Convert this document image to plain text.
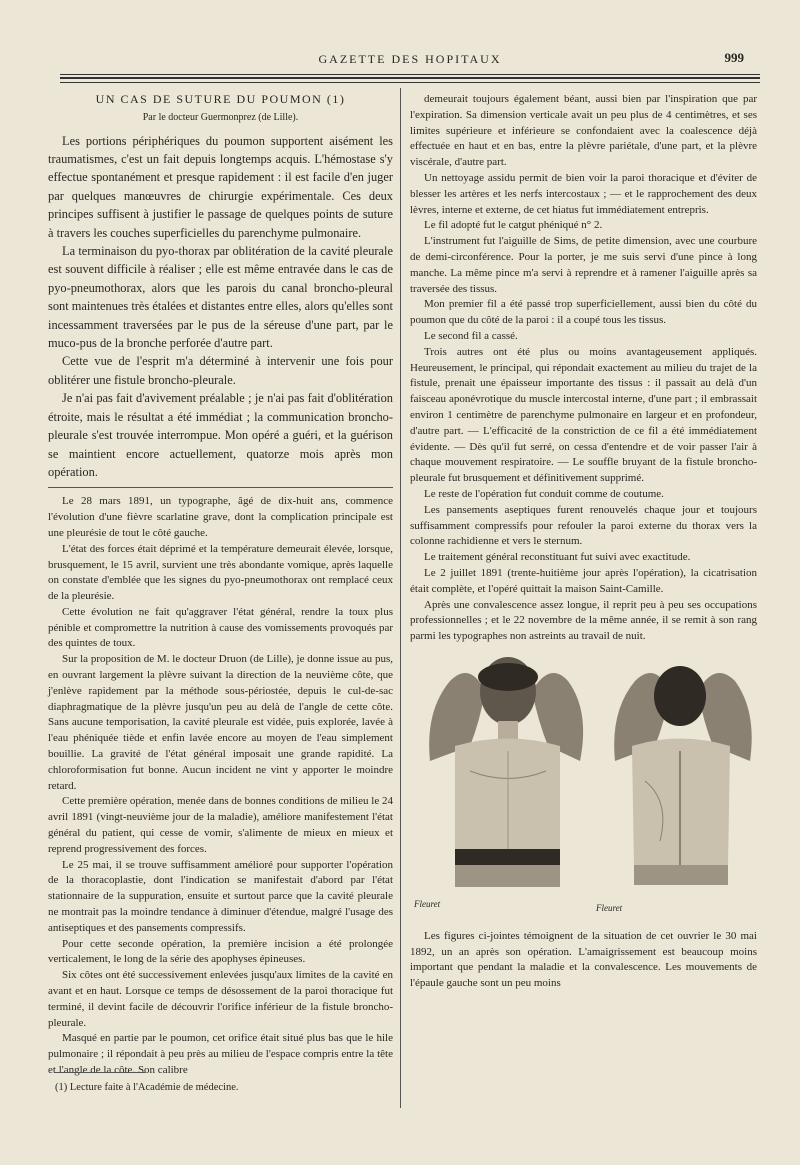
GAZETTE DES HOPITAUX	999
UN CAS DE SUTURE DU POUMON (1)
Par le docteur Guermonprez (de Lille).

Les portions périphériques du poumon supportent aisément les traumatismes, c'est un fait depuis longtemps acquis. L'hémostase s'y effectue spontanément et presque rapidement : il est facile d'en juger par quelques manœuvres de chirurgie expérimentale. Ces deux principes suffisent à justifier le passage de quelques points de suture à travers les couches superficielles du parenchyme pulmonaire.

La terminaison du pyo-thorax par oblitération de la cavité pleurale est souvent difficile à réaliser ; elle est même entravée dans le cas de pyo-pneumothorax, alors que les parois du canal broncho-pleural sont maintenues très étalées et distantes entre elles, alors qu'elles sont incessamment traversées par le pus de la séreuse d'une part, par le muco-pus de la bronche perforée d'autre part.

Cette vue de l'esprit m'a déterminé à intervenir une fois pour oblitérer une fistule broncho-pleurale.

Je n'ai pas fait d'avivement préalable ; je n'ai pas fait d'oblitération étroite, mais le résultat a été immédiat ; la communication broncho-pleurale s'est trouvée interrompue. Mon opéré a guéri, et la guérison se maintient encore actuellement, quatorze mois après mon opération.

Le 28 mars 1891, un typographe, âgé de dix-huit ans, commence l'évolution d'une fièvre scarlatine grave, dont la complication principale est une pleurésie de tout le côté gauche.

L'état des forces était déprimé et la température demeurait élevée, lorsque, brusquement, le 15 avril, survient une très abondante vomique, après laquelle on constate d'emblée que les signes du pyo-pneumothorax ont remplacé ceux de la pleurésie.

Cette évolution ne fait qu'aggraver l'état général, rendre la toux plus pénible et compromettre la nutrition à cause des vomissements provoqués par des quintes de toux.

Sur la proposition de M. le docteur Druon (de Lille), je donne issue au pus, en ouvrant largement la plèvre suivant la direction de la neuvième côte, que j'enlève rapidement par la méthode sous-périostée, depuis le cul-de-sac diaphragmatique de la plèvre jusqu'un peu au delà de l'angle de cette côte. Sans aucune temporisation, la cavité pleurale est vidée, puis explorée, lavée à l'eau phéniquée tiède et enfin lavée encore au moyen de l'eau simplement bouillie. La gravité de l'état général imposait une grande rapidité. La chloroformisation fut bonne. Aucun incident ne vint y apporter le moindre retard.

Cette première opération, menée dans de bonnes conditions de milieu le 24 avril 1891 (vingt-neuvième jour de la maladie), améliore manifestement l'état général du patient, qui cesse de vomir, s'alimente de mieux en mieux et reprend progressivement des forces.

Le 25 mai, il se trouve suffisamment amélioré pour supporter l'opération de la thoracoplastie, dont l'indication se manifestait d'abord par l'état stationnaire de la suppuration, ensuite et surtout parce que la cavité pleurale ne montrait pas la moindre tendance à diminuer d'étendue, malgré l'usage des antiseptiques et des pansements compressifs.

Pour cette seconde opération, la première incision a été prolongée verticalement, le long de la série des apophyses épineuses.

Six côtes ont été successivement enlevées jusqu'aux limites de la cavité en avant et en haut. Lorsque ce temps de désossement de la paroi thoracique fut terminé, il devint facile de découvrir l'orifice inférieur de la fistule broncho-pleurale.

Masqué en partie par le poumon, cet orifice était situé plus bas que le hile pulmonaire ; il répondait à peu près au milieu de l'espace compris entre la tête et l'angle de la côte. Son calibre

demeurait toujours également béant, aussi bien par l'inspiration que par l'expiration. Sa dimension verticale avait un peu plus de 4 centimètres, et ses limites supérieure et inférieure se confondaient avec la coalescence déjà effectuée en haut et en bas, entre la plèvre pariétale, d'une part, et la plèvre viscérale, d'autre part.

Un nettoyage assidu permit de bien voir la paroi thoracique et d'éviter de blesser les artères et les nerfs intercostaux ; — et le rapprochement des deux lèvres, interne et externe, de cet hiatus fut immédiatement entrepris.

Le fil adopté fut le catgut phéniqué n° 2.

L'instrument fut l'aiguille de Sims, de petite dimension, avec une courbure de demi-circonférence. Pour la porter, je me suis servi d'une pince à long manche. La même pince m'a servi à reprendre et à ramener l'aiguille après sa traversée des tissus.

Mon premier fil a été passé trop superficiellement, aussi bien du côté du poumon que du côté de la paroi : il a coupé tous les tissus.

Le second fil a cassé.

Trois autres ont été plus ou moins avantageusement appliqués. Heureusement, le principal, qui répondait exactement au milieu du trajet de la fistule, prenait une épaisseur importante des tissus : il passait au delà d'un faisceau aponévrotique du muscle intercostal interne, d'une part ; il embrassait environ 1 centimètre de parenchyme pulmonaire en largeur et en profondeur, d'autre part. — L'efficacité de la constriction de ce fil a été immédiatement évidente. — Dès qu'il fut serré, on cessa d'entendre et de voir passer l'air à chaque mouvement respiratoire. — Le souffle bruyant de la fistule broncho-pleurale fut brusquement et définitivement supprimé.

Le reste de l'opération fut conduit comme de coutume.

Les pansements aseptiques furent renouvelés chaque jour et toujours suffisamment compressifs pour refouler la paroi externe du thorax vers la colonne rachidienne et vers le sternum.

Le traitement général reconstituant fut suivi avec exactitude.

Le 2 juillet 1891 (trente-huitième jour après l'opération), la cicatrisation était complète, et l'opéré quittait la maison Saint-Camille.

Après une convalescence assez longue, il reprit peu à peu ses occupations professionnelles ; et le 22 novembre de la même année, il se remit à son rang parmi les typographes non astreints au travail de nuit.

Fleuret	Fleuret

Les figures ci-jointes témoignent de la situation de cet ouvrier le 30 mai 1892, un an après son opération. L'amaigrissement est beaucoup moins important que pendant la maladie et la convalescence. Les mouvements de l'épaule gauche sont un peu moins

(1) Lecture faite à l'Académie de médecine.
